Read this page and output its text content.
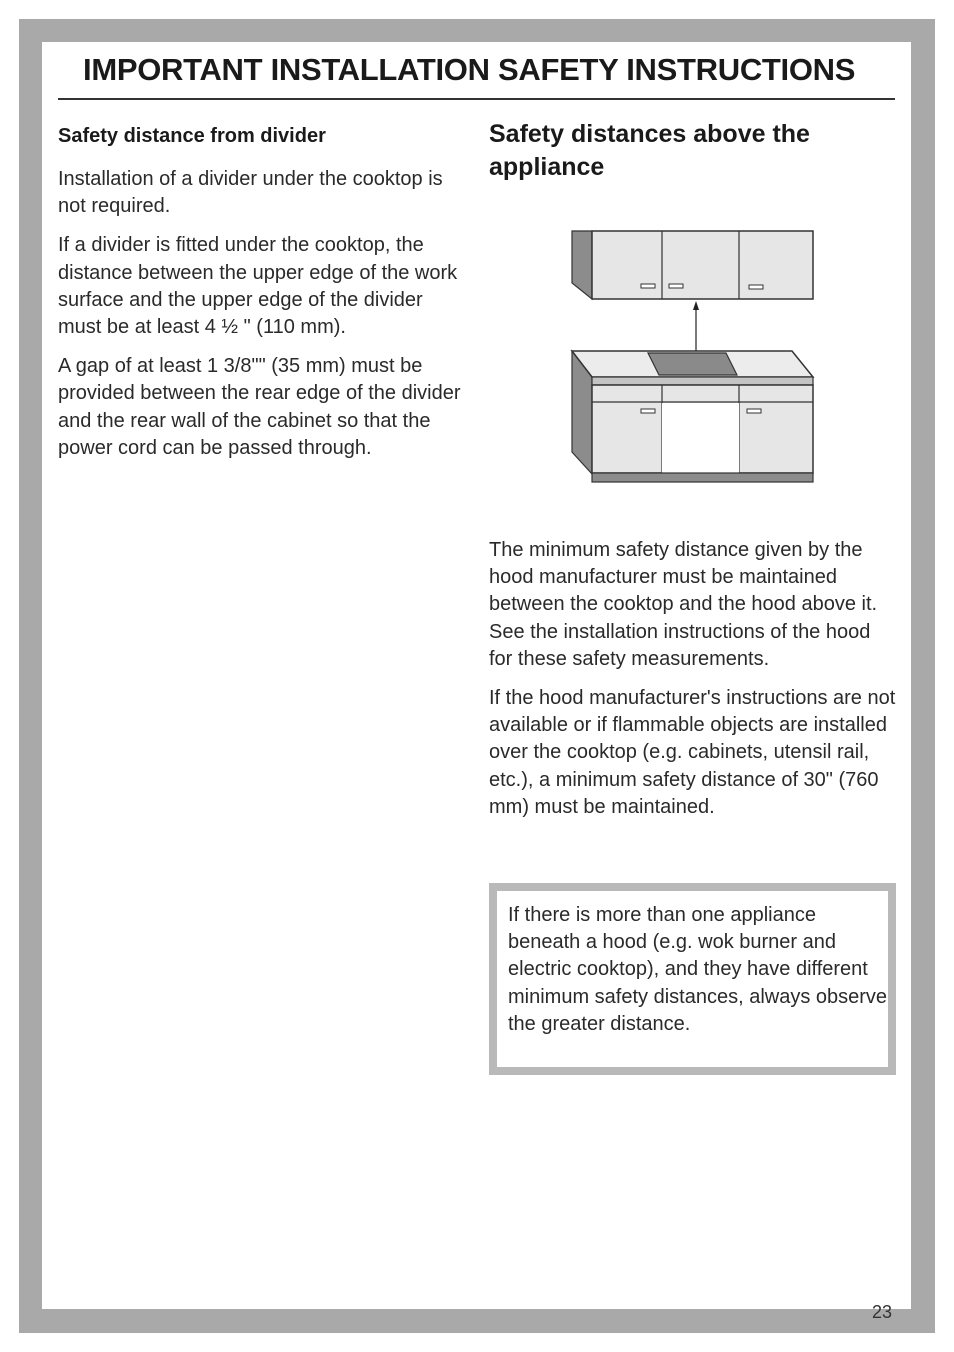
IMPORTANT INSTALLATION SAFETY INSTRUCTIONS
Safety distance from divider

Installation of a divider under the cooktop is not required.

If a divider is fitted under the cooktop, the distance between the upper edge of the work surface and the upper edge of the divider must be at least 4 ½ " (110 mm).

A gap of at least 1 3/8"" (35 mm) must be provided between the rear edge of the divider and the rear wall of the cabinet so that the power cord can be passed through.

Safety distances above the appliance

The minimum safety distance given by the hood manufacturer must be maintained between the cooktop and the hood above it. See the installation instructions of the hood for these safety measurements.

If the hood manufacturer's instructions are not available or if flammable objects are installed over the cooktop (e.g. cabinets, utensil rail, etc.), a minimum safety distance of 30" (760 mm) must be maintained.

If there is more than one appliance beneath a hood (e.g. wok burner and electric cooktop), and they have different minimum safety distances, always observe the greater distance.

23
